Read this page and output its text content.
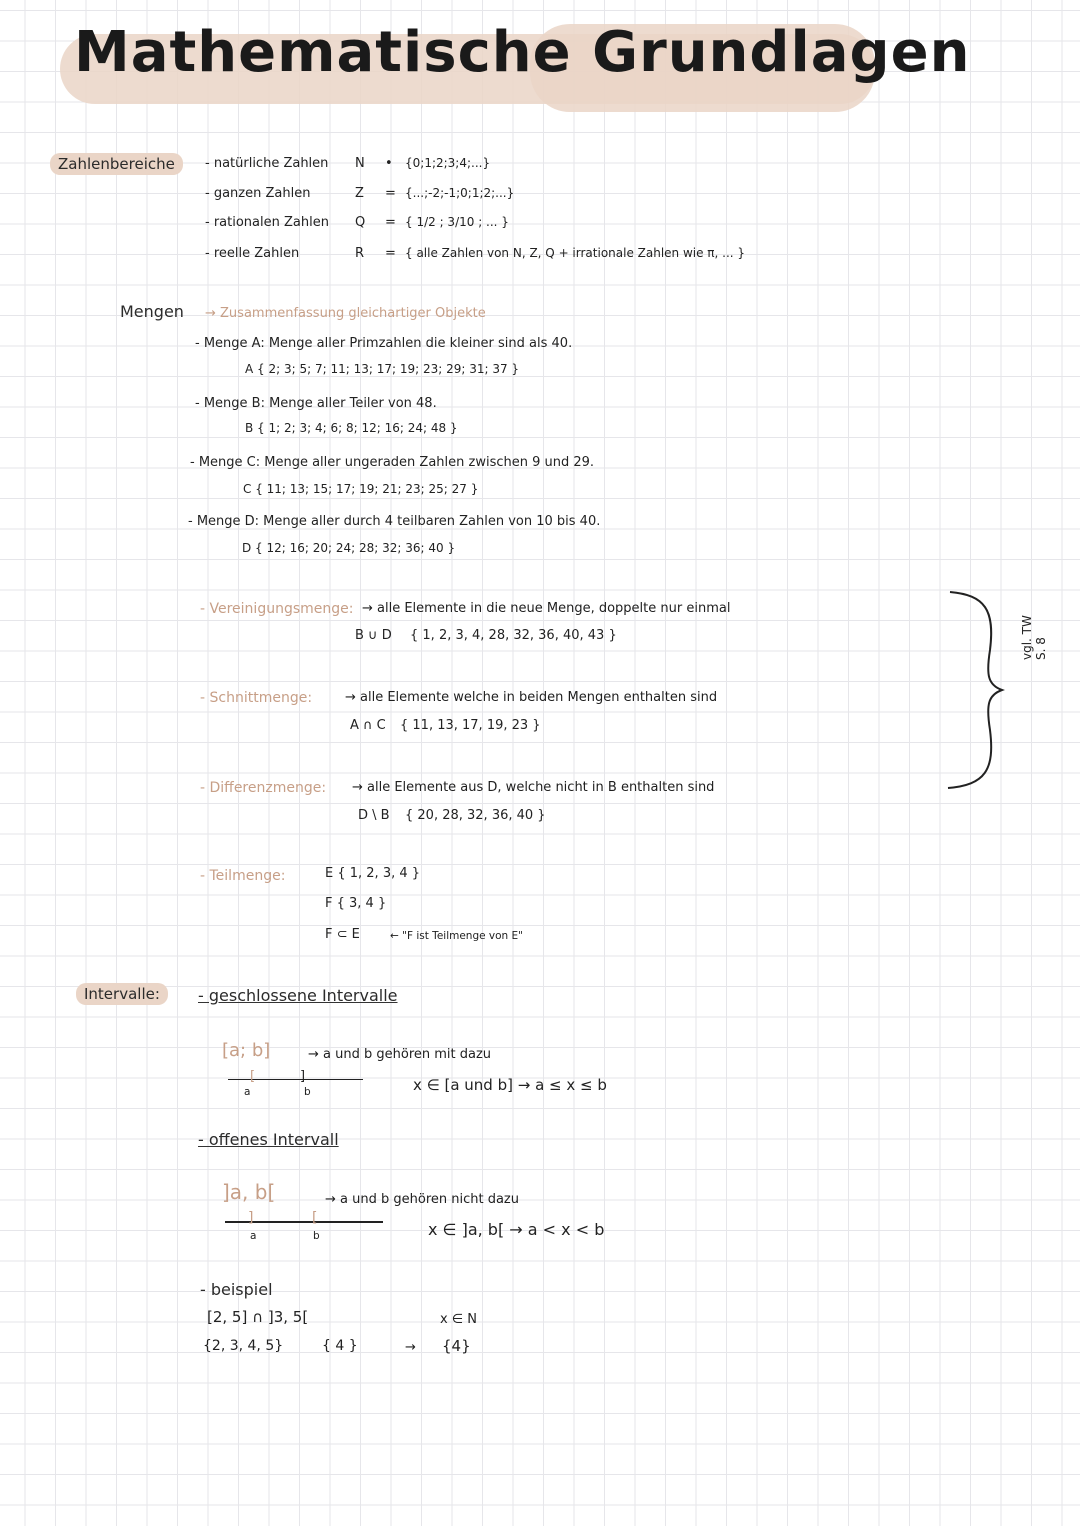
Mathematische Grundlagen
Zahlenbereiche	- natürliche Zahlen N • {0;1;2;3;4;...}
- ganzen Zahlen	Z = {...;-2;-1;0;1;2;...}
- rationalen Zahlen Q = { 1/2 ; 3/10 ; ... }
- reelle Zahlen	R = { alle Zahlen von N, Z, Q + irrationale Zahlen wie π, ... }
Mengen → Zusammenfassung gleichartiger Objekte
- Menge A: Menge aller Primzahlen die kleiner sind als 40.
A { 2; 3; 5; 7; 11; 13; 17; 19; 23; 29; 31; 37 }
- Menge B: Menge aller Teiler von 48.
B { 1; 2; 3; 4; 6; 8; 12; 16; 24; 48 }
- Menge C: Menge aller ungeraden Zahlen zwischen 9 und 29.
C { 11; 13; 15; 17; 19; 21; 23; 25; 27 }
- Menge D: Menge aller durch 4 teilbaren Zahlen von 10 bis 40.
D { 12; 16; 20; 24; 28; 32; 36; 40 }
- Vereinigungsmenge: → alle Elemente in die neue Menge, doppelte nur einmal
B ∪ D { 1, 2, 3, 4, 28, 32, 36, 40, 43 }
- Schnittmenge:	→ alle Elemente welche in beiden Mengen enthalten sind
A ∩ C { 11, 13, 17, 19, 23 }
- Differenzmenge: → alle Elemente aus D, welche nicht in B enthalten sind
D \ B { 20, 28, 32, 36, 40 }
- Teilmenge:	E { 1, 2, 3, 4 }
F { 3, 4 }
F ⊂ E	← "F ist Teilmenge von E"
vgl. TW S. 8
Intervalle:	- geschlossene Intervalle
[a; b]	→ a und b gehören mit dazu
[	]
a	b	x ∈ [a und b] → a ≤ x ≤ b
- offenes Intervall
]a, b[	→ a und b gehören nicht dazu
]	[
a	b	x ∈ ]a, b[ → a < x < b
- beispiel
[2, 5] ∩ ]3, 5[	x ∈ N
{2, 3, 4, 5}	{ 4 }	→ {4}
